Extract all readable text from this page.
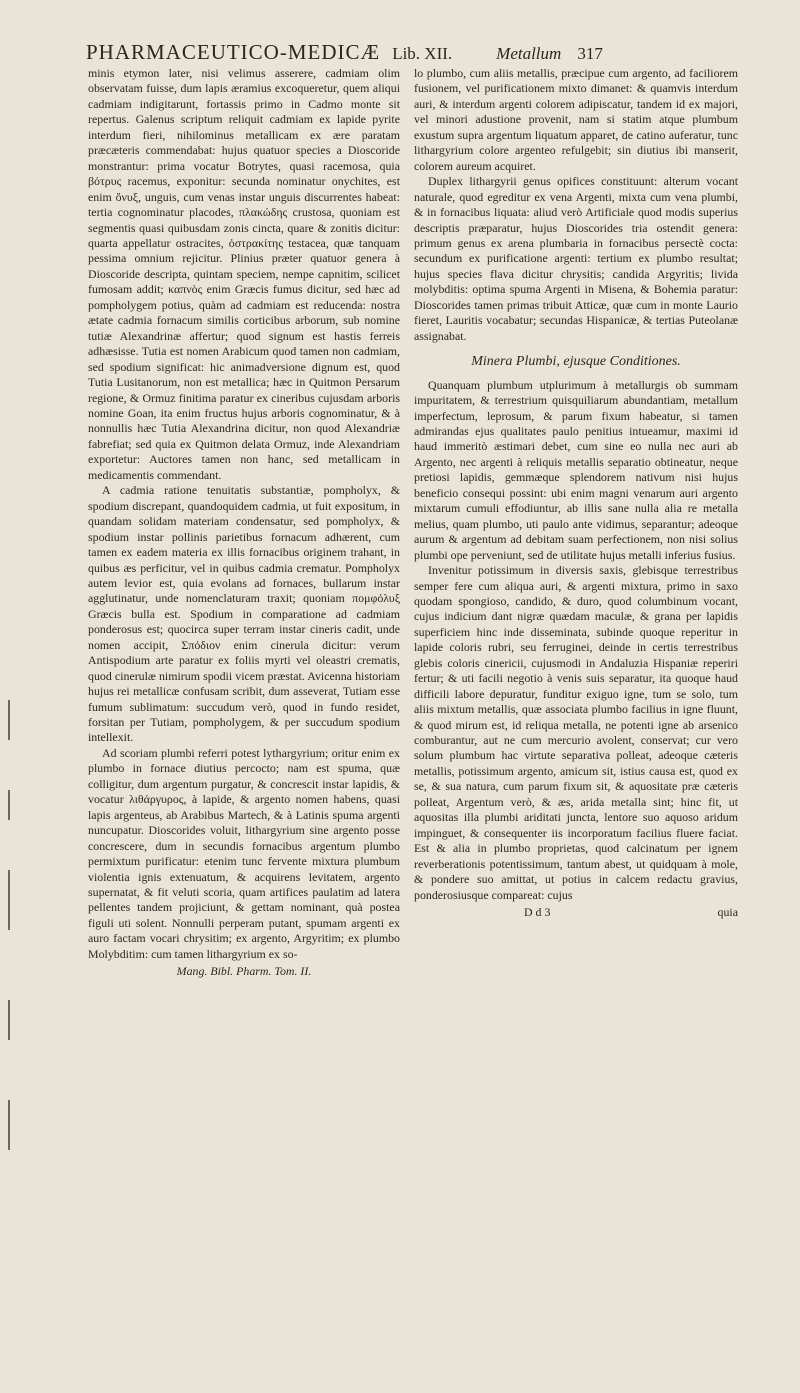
PHARMACEUTICO-MEDICÆ Lib. XII.	Metallum 317

minis etymon later, nisi velimus asserere, cadmiam olim observatam fuisse, dum lapis æramius excoqueretur, quem aliqui cadmiam indigitarunt, fortassis primo in Cadmo monte sit repertus. Galenus scriptum reliquit cadmiam ex lapide pyrite interdum fieri, nihilominus metallicam ex ære paratam præcæteris commendabat: hujus quatuor species a Dioscoride monstrantur: prima vocatur Botrytes, quasi racemosa, quia βότρυς racemus, exponitur: secunda nominatur onychites, est enim ὄνυξ, unguis, cum venas instar unguis discurrentes habeat: tertia cognominatur placodes, πλακώδης crustosa, quoniam est segmentis quasi quibusdam zonis cincta, quare & zonitis dicitur: quarta appellatur ostracites, ὀστρακίτης testacea, quæ tanquam pessima omnium rejicitur. Plinius præter quatuor genera à Dioscoride descripta, quintam speciem, nempe capnitim, scilicet fumosam addit; καπνὸς enim Græcis fumus dicitur, sed hæc ad pompholygem potius, quàm ad cadmiam est reducenda: nostra ætate cadmia fornacum similis corticibus arborum, sub nomine tutiæ Alexandrinæ affertur; quod signum est hastis ferreis adhæsisse. Tutia est nomen Arabicum quod tamen non cadmiam, sed spodium significat: hic animadversione dignum est, quod Tutia Lusitanorum, non est metallica; hæc in Quitmon Persarum regione, & Ormuz finitima paratur ex cineribus cujusdam arboris nomine Goan, ita enim fructus hujus arboris cognominatur, & à nonnullis hæc Tutia Alexandrina dicitur, non quod Alexandriæ fabrefiat; sed quia ex Quitmon delata Ormuz, inde Alexandriam exportetur: Auctores tamen non hanc, sed metallicam in medicamentis commendant.

A cadmia ratione tenuitatis substantiæ, pompholyx, & spodium discrepant, quandoquidem cadmia, ut fuit expositum, in quandam solidam materiam condensatur, sed pompholyx, & spodium instar pollinis parietibus fornacum adhærent, cum tamen ex eadem materia ex illis fornacibus originem trahant, in quibus æs perficitur, vel in quibus cadmia crematur. Pompholyx autem levior est, quia evolans ad fornaces, bullarum instar agglutinatur, unde nomenclaturam traxit; quoniam πομφόλυξ Græcis bulla est. Spodium in comparatione ad cadmiam ponderosus est; quocirca super terram instar cineris cadit, unde nomen accipit, Σπόδιον enim cinerula dicitur: verum Antispodium arte paratur ex foliis myrti vel oleastri crematis, quod cinerulæ nimirum spodii vicem præstat. Avicenna historiam hujus rei metallicæ confusam scribit, dum asseverat, Tutiam esse fumum sublimatum: succudum verò, quod in fundo residet, forsitan per Tutiam, pompholygem, & per succudum spodium intellexit.

Ad scoriam plumbi referri potest lythargyrium; oritur enim ex plumbo in fornace diutius percocto; nam est spuma, quæ colligitur, dum argentum purgatur, & concrescit instar lapidis, & vocatur λιθάργυρος, à lapide, & argento nomen habens, quasi lapis argenteus, ab Arabibus Martech, & à Latinis spuma argenti nuncupatur. Dioscorides voluit, lithargyrium sine argento posse concrescere, dum in secundis fornacibus argentum plumbo permixtum purificatur: etenim tunc fervente mixtura plumbum violentia ignis extenuatum, & acquirens levitatem, argento supernatat, & fit veluti scoria, quam artifices paulatim ad latera pellentes tandem projiciunt, & gettam nominant, quà postea figuli uti solent. Nonnulli perperam putant, spumam argenti ex auro factam vocari chrysitim; ex argento, Argyritim; ex plumbo Molybditim: cum tamen lithargyrium ex so-

Mang. Bibl. Pharm. Tom. II.

lo plumbo, cum aliis metallis, præcipue cum argento, ad faciliorem fusionem, vel purificationem mixto dimanet: & quamvis interdum auri, & interdum argenti colorem adipiscatur, tandem id ex majori, vel minori adustione provenit, nam si statim atque plumbum exustum supra argentum liquatum apparet, de catino auferatur, tunc lithargyrium colore argenteo refulgebit; sin diutius ibi manserit, colorem aureum acquiret.

Duplex lithargyrii genus opifices constituunt: alterum vocant naturale, quod egreditur ex vena Argenti, mixta cum vena plumbi, & in fornacibus liquata: aliud verò Artificiale quod modis superius descriptis præparatur, hujus Dioscorides tria ostendit genera: primum genus ex arena plumbaria in fornacibus persectè cocta: secundum ex purificatione argenti: tertium ex plumbo resultat; hujus species flava dicitur chrysitis; candida Argyritis; livida molybditis: optima spuma Argenti in Misena, & Bohemia paratur: Dioscorides tamen primas tribuit Atticæ, quæ cum in monte Laurio fieret, Lauritis vocabatur; secundas Hispanicæ, & tertias Puteolanæ assignabat.

Minera Plumbi, ejusque Conditiones.

Quanquam plumbum utplurimum à metallurgis ob summam impuritatem, & terrestrium quisquiliarum abundantiam, metallum imperfectum, leprosum, & parum fixum habeatur, si tamen admirandas ejus qualitates paulo penitius intueamur, maximi id haud immeritò æstimari debet, cum sine eo nulla nec auri ab Argento, nec argenti à reliquis metallis separatio obtineatur, neque pretiosi lapidis, gemmæque splendorem nativum nisi hujus beneficio consequi possint: ubi enim magni venarum auri argento mixtarum cumuli effodiuntur, ab illis sane nulla alia re metalla melius, quam plumbo, uti paulo ante vidimus, separantur; adeoque aurum & argentum ad debitam suam perfectionem, non nisi solius plumbi ope perveniunt, sed de utilitate hujus metalli inferius fusius.

Invenitur potissimum in diversis saxis, glebisque terrestribus semper fere cum aliqua auri, & argenti mixtura, primo in saxo quodam spongioso, candido, & duro, quod columbinum vocant, cujus indicium dant nigræ quædam maculæ, & grana per lapidis superficiem hinc inde disseminata, subinde quoque reperitur in lapide coloris rubri, seu ferruginei, deinde in certis terrestribus glebis coloris cinericii, cujusmodi in Andaluzia Hispaniæ reperiri fertur; & uti facili negotio à venis suis separatur, ita quoque haud difficili labore depuratur, funditur exiguo igne, tum se solo, tum aliis mixtum metallis, quæ associata plumbo facilius in igne fluunt, & quod mirum est, id reliqua metalla, ne potenti igne ab arsenico comburantur, aut ne cum mercurio avolent, conservat; cur vero solum plumbum hac virtute separativa polleat, adeoque cæteris metallis, potissimum argento, amicum sit, istius causa est, quod ex se, & sua natura, cum parum fixum sit, & aquositate præ cæteris polleat, Argentum verò, & æs, arida metalla sint; hinc fit, ut aquositas illa plumbi ariditati juncta, lentore suo aquoso aridum impinguet, & consequenter iis incorporatum facilius fluere faciat. Est & alia in plumbo proprietas, quod calcinatum per ignem reverberationis potentissimum, tantum abest, ut quidquam à mole, & pondere suo amittat, ut potius in calcem redactu gravius, ponderosiusque compareat: cujus

D d 3	quia
